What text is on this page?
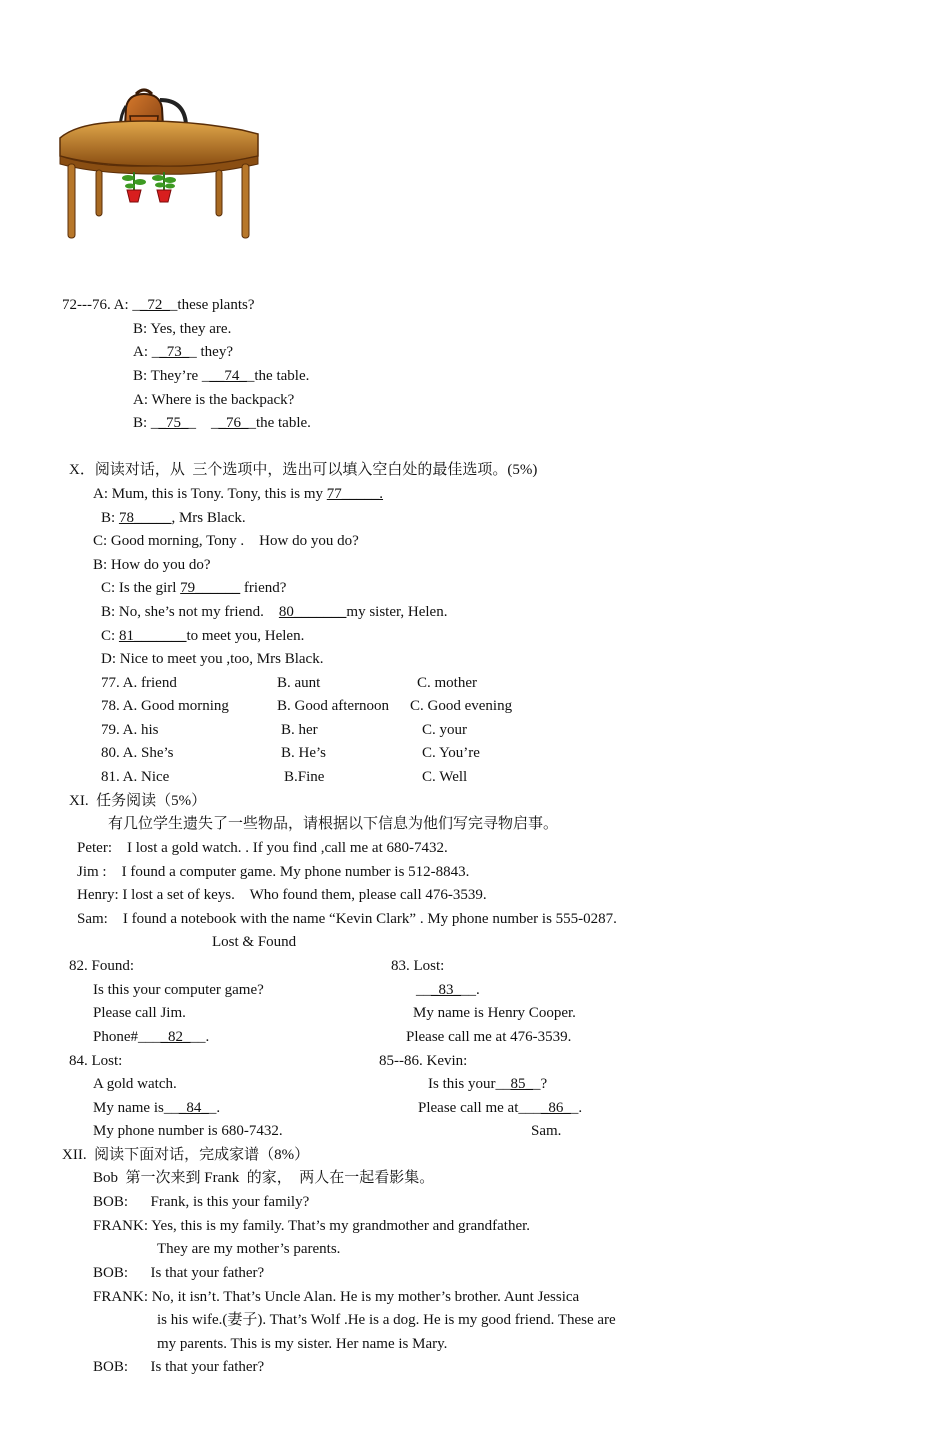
72---76. A: __72__these plants?
B: Yes, they are.
A: __73__ they?
B: They’re ___74__the table.
A: Where is the backpack?
B: __75__    __76__the table.
X．阅读对话，从  三个选项中，选出可以填入空白处的最佳选项。(5%)
A: Mum, this is Tony. Tony, this is my 77_____.
B: 78_____, Mrs Black.
C: Good morning, Tony .    How do you do?
B: How do you do?
C: Is the girl 79______ friend?
B: No, she’s not my friend.    80_______my sister, Helen.
C: 81_______to meet you, Helen.
D: Nice to meet you ,too, Mrs Black.
77. A. friend	B. aunt	C. mother
78. A. Good morning	B. Good afternoon C. Good evening
79. A. his	B. her	C. your
80. A. She’s	B. He’s	C. You’re
81. A. Nice	B.Fine	C. Well
XI.  任务阅读（5%）
有几位学生遗失了一些物品，请根据以下信息为他们写完寻物启事。
Peter:    I lost a gold watch. . If you find ,call me at 680-7432.
Jim :    I found a computer game. My phone number is 512-8843.
Henry: I lost a set of keys.    Who found them, please call 476-3539.
Sam:    I found a notebook with the name “Kevin Clark” . My phone number is 555-0287.
Lost & Found
82. Found:	83. Lost:
Is this your computer game?	___83___.
Please call Jim.	My name is Henry Cooper.
Phone#____82___.	Please call me at 476-3539.
84. Lost:	85--86. Kevin:
A gold watch.	Is this your__85__?
My name is___84__.	Please call me at____86__.
My phone number is 680-7432.	Sam.
XII.  阅读下面对话，完成家谱（8%）
Bob  第一次来到 Frank  的家，  两人在一起看影集。
BOB:      Frank, is this your family?
FRANK: Yes, this is my family. That’s my grandmother and grandfather.
They are my mother’s parents.
BOB:      Is that your father?
FRANK: No, it isn’t. That’s Uncle Alan. He is my mother’s brother. Aunt Jessica
is his wife.(妻子). That’s Wolf .He is a dog. He is my good friend. These are
my parents. This is my sister. Her name is Mary.
BOB:      Is that your father?
